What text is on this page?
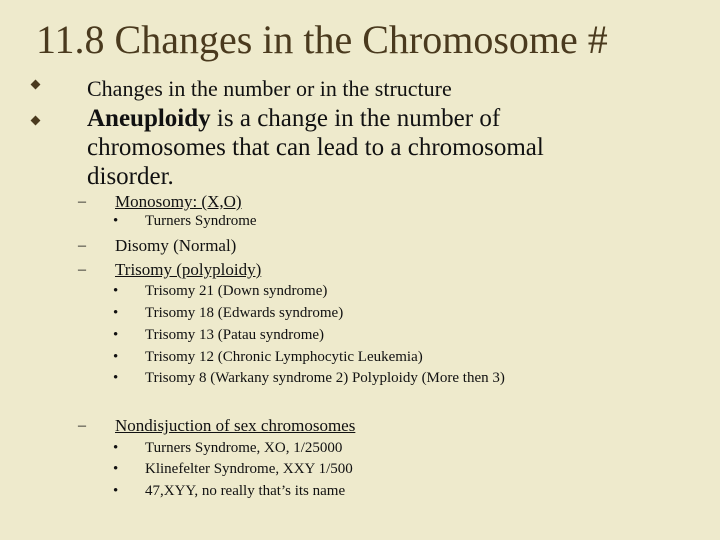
11.8 Changes in the Chromosome #
Changes in the number or in the structure
Aneuploidy is a change in the number of
chromosomes that can lead to a chromosomal
disorder.
– Monosomy: (X,O)
• Turners Syndrome
– Disomy (Normal)
– Trisomy (polyploidy)
• Trisomy 21 (Down syndrome)
• Trisomy 18 (Edwards syndrome)
• Trisomy 13 (Patau syndrome)
• Trisomy 12 (Chronic Lymphocytic Leukemia)
• Trisomy 8 (Warkany syndrome 2) Polyploidy (More then 3)
– Nondisjuction of sex chromosomes
• Turners Syndrome, XO, 1/25000
• Klinefelter Syndrome, XXY 1/500
• 47,XYY, no really that’s its name
